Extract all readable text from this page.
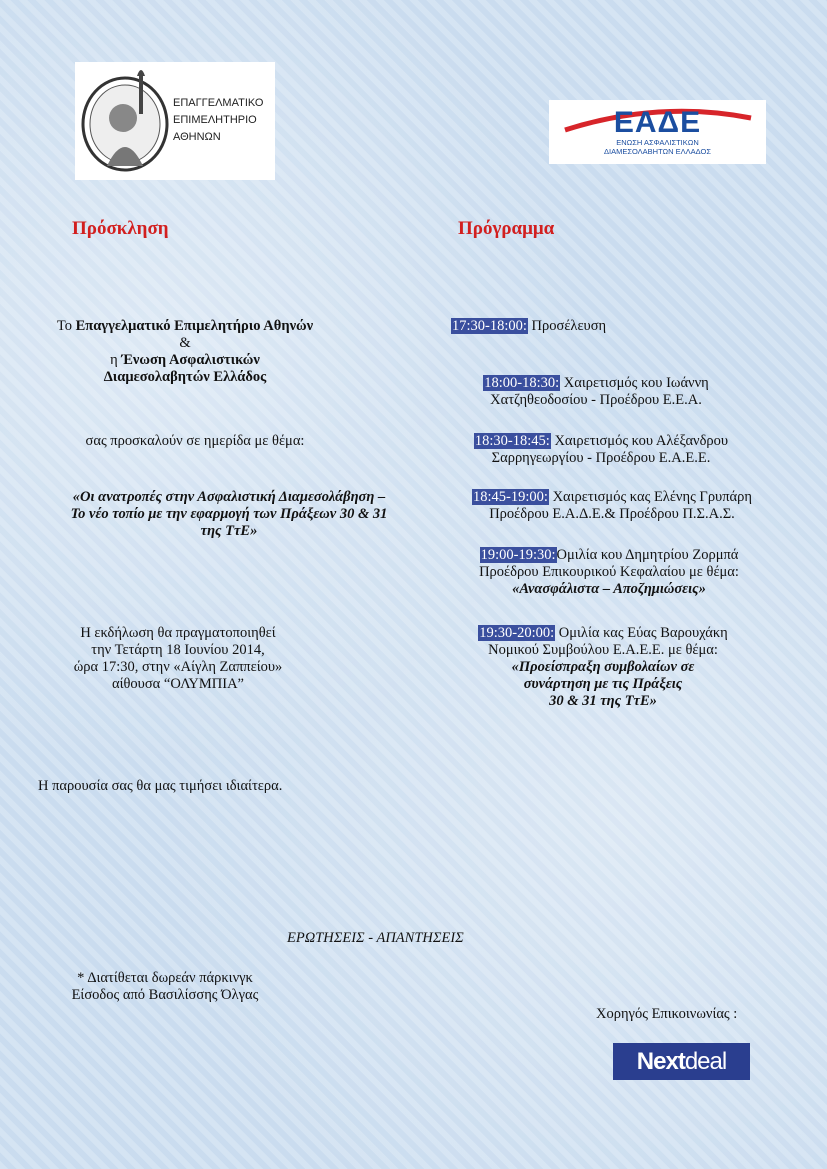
ΕΠΑΓΓΕΛΜΑΤΙΚΟ
ΕΠΙΜΕΛΗΤΗΡΙΟ
ΑΘΗΝΩΝ	ΕΑΔΕ
ΕΝΩΣΗ ΑΣΦΑΛΙΣΤΙΚΩΝ
ΔΙΑΜΕΣΟΛΑΒΗΤΩΝ ΕΛΛΑΔΟΣ
Πρόσκληση	Πρόγραμμα
Το Επαγγελματικό Επιμελητήριο Αθηνών
&
η Ένωση Ασφαλιστικών
Διαμεσολαβητών Ελλάδος
σας προσκαλούν σε ημερίδα με θέμα:
«Οι ανατροπές στην Ασφαλιστική Διαμεσολάβηση –
Το νέο τοπίο με την εφαρμογή των Πράξεων 30 & 31
της ΤτΕ»
Η εκδήλωση θα πραγματοποιηθεί
την Τετάρτη 18 Ιουνίου 2014,
ώρα 17:30, στην «Αίγλη Ζαππείου»
αίθουσα “ΟΛΥΜΠΙΑ”
Η παρουσία σας θα μας τιμήσει ιδιαίτερα.
17:30-18:00: Προσέλευση
18:00-18:30: Χαιρετισμός κου Ιωάννη
Χατζηθεοδοσίου - Προέδρου Ε.Ε.Α.
18:30-18:45: Χαιρετισμός κου Αλέξανδρου
Σαρρηγεωργίου - Προέδρου Ε.Α.Ε.Ε.
18:45-19:00: Χαιρετισμός κας Ελένης Γρυπάρη
Προέδρου Ε.Α.Δ.Ε.& Προέδρου Π.Σ.Α.Σ.
19:00-19:30:Ομιλία κου Δημητρίου Ζορμπά
Προέδρου Επικουρικού Κεφαλαίου με θέμα:
«Ανασφάλιστα – Αποζημιώσεις»
19:30-20:00: Ομιλία κας Εύας Βαρουχάκη
Νομικού Συμβούλου Ε.Α.Ε.Ε. με θέμα:
«Προείσπραξη συμβολαίων σε
συνάρτηση με τις Πράξεις
30 & 31 της ΤτΕ»
ΕΡΩΤΗΣΕΙΣ - ΑΠΑΝΤΗΣΕΙΣ
* Διατίθεται δωρεάν πάρκινγκ
Είσοδος από Βασιλίσσης Όλγας
Χορηγός Επικοινωνίας :
Nextdeal
